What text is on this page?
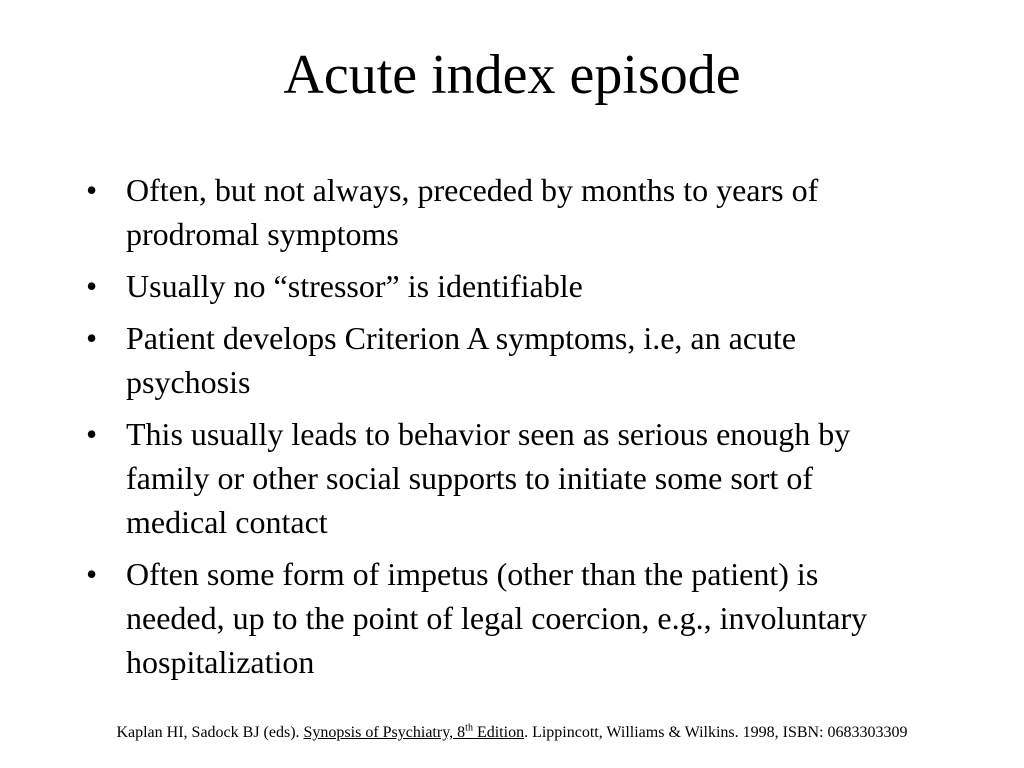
Acute index episode
• Often, but not always, preceded by months to years of prodromal symptoms
• Usually no “stressor” is identifiable
• Patient develops Criterion A symptoms, i.e, an acute psychosis
• This usually leads to behavior seen as serious enough by family or other social supports to initiate some sort of medical contact
• Often some form of impetus (other than the patient) is needed, up to the point of legal coercion, e.g., involuntary hospitalization
Kaplan HI, Sadock BJ (eds). Synopsis of Psychiatry, 8th Edition. Lippincott, Williams & Wilkins. 1998, ISBN: 0683303309
